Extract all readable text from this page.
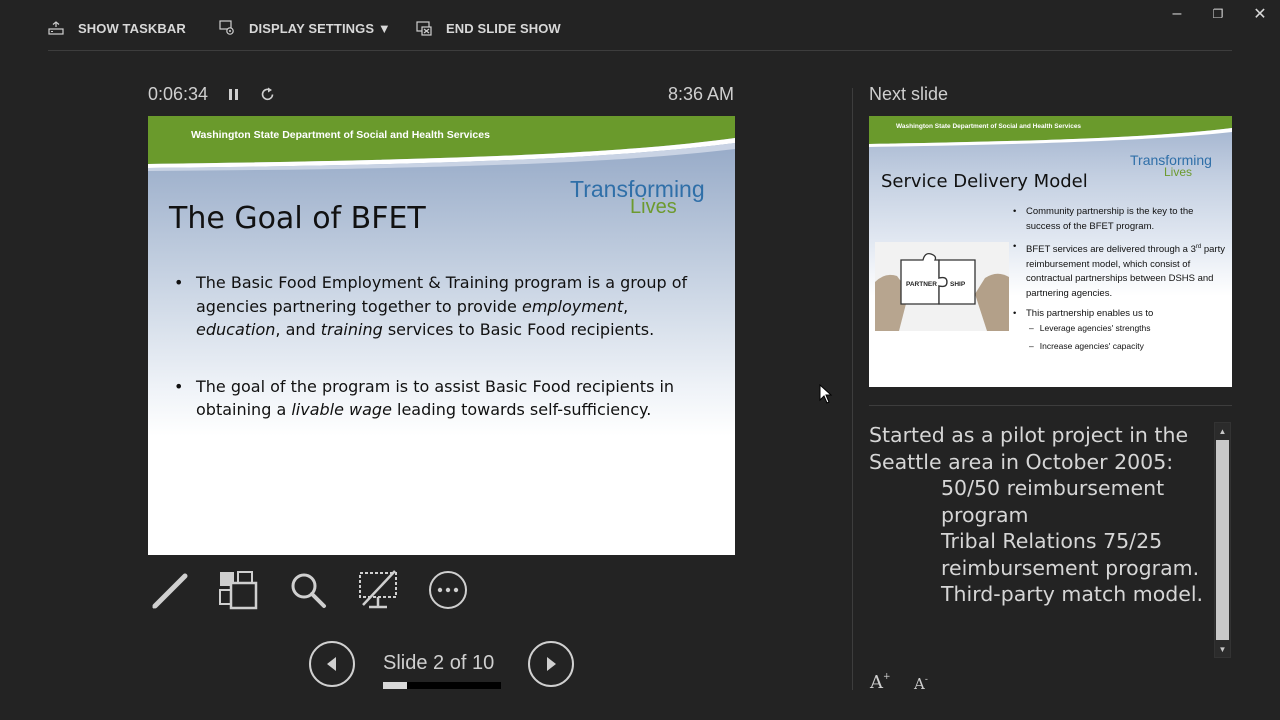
SHOW TASKBAR	DISPLAY SETTINGS ▼	END SLIDE SHOW
–	❐ ✕
0:06:34	8:36 AM
Washington State Department of Social and Health Services
Transforming
Lives
The Goal of BFET
• The Basic Food Employment & Training program is a group of agencies partnering together to provide employment, education, and training services to Basic Food recipients.
• The goal of the program is to assist Basic Food recipients in obtaining a livable wage leading towards self-sufficiency.
Slide 2 of 10
Next slide
Washington State Department of Social and Health Services
Transforming
Lives
Service Delivery Model
• Community partnership is the key to the success of the BFET program.
• BFET services are delivered through a 3rd party reimbursement model, which consist of contractual partnerships between DSHS and partnering agencies.
• This partnership enables us to
– Leverage agencies' strengths
– Increase agencies' capacity
PARTNER SHIP
Started as a pilot project in the Seattle area in October 2005:
50/50 reimbursement program
Tribal Relations 75/25 reimbursement program.
Third-party match model.
▲
▼
A+ A-
